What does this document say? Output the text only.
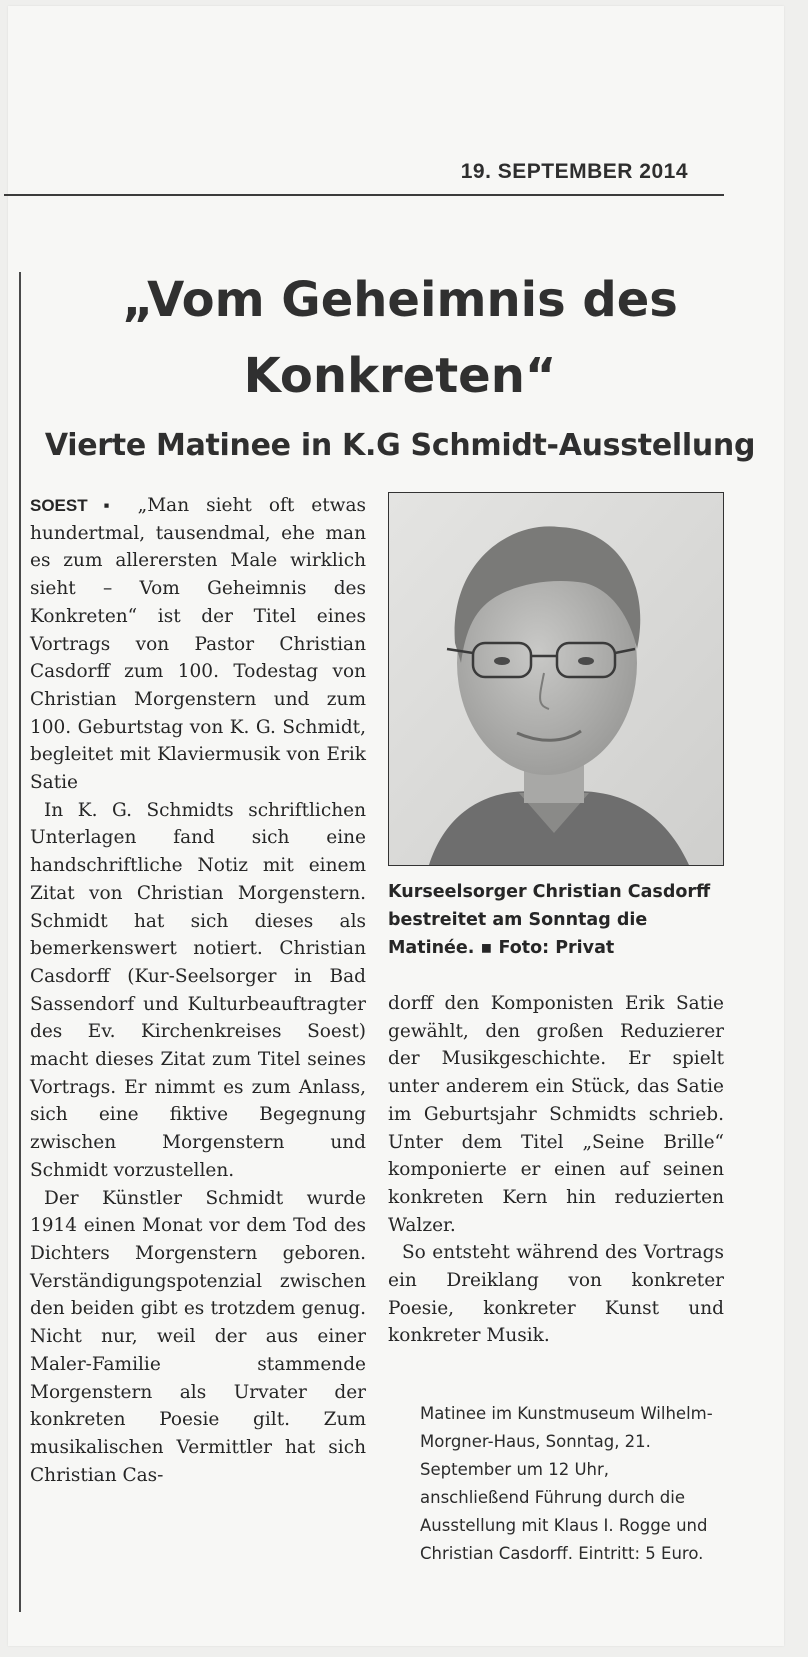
19. SEPTEMBER 2014
„Vom Geheimnis des Konkreten“
Vierte Matinee in K.G Schmidt-Ausstellung

SOEST ▪ „Man sieht oft etwas hundertmal, tausendmal, ehe man es zum allerersten Male wirklich sieht – Vom Geheimnis des Konkreten“ ist der Titel eines Vortrags von Pastor Christian Casdorff zum 100. Todestag von Christian Morgenstern und zum 100. Geburtstag von K. G. Schmidt, begleitet mit Klaviermusik von Erik Satie

In K. G. Schmidts schriftlichen Unterlagen fand sich eine handschriftliche Notiz mit einem Zitat von Christian Morgenstern. Schmidt hat sich dieses als bemerkenswert notiert. Christian Casdorff (Kur-Seelsorger in Bad Sassendorf und Kulturbeauftragter des Ev. Kirchenkreises Soest) macht dieses Zitat zum Titel seines Vortrags. Er nimmt es zum Anlass, sich eine fiktive Begegnung zwischen Morgenstern und Schmidt vorzustellen.

Der Künstler Schmidt wurde 1914 einen Monat vor dem Tod des Dichters Morgenstern geboren. Verständigungspotenzial zwischen den beiden gibt es trotzdem genug. Nicht nur, weil der aus einer Maler-Familie stammende Morgenstern als Urvater der konkreten Poesie gilt. Zum musikalischen Vermittler hat sich Christian Cas-

Kurseelsorger Christian Casdorff bestreitet am Sonntag die Matinée. ▪ Foto: Privat

dorff den Komponisten Erik Satie gewählt, den großen Reduzierer der Musikgeschichte. Er spielt unter anderem ein Stück, das Satie im Geburtsjahr Schmidts schrieb. Unter dem Titel „Seine Brille“ komponierte er einen auf seinen konkreten Kern hin reduzierten Walzer.

So entsteht während des Vortrags ein Dreiklang von konkreter Poesie, konkreter Kunst und konkreter Musik.

Matinee im Kunstmuseum Wilhelm-Morgner-Haus, Sonntag, 21. September um 12 Uhr, anschließend Führung durch die Ausstellung mit Klaus I. Rogge und Christian Casdorff. Eintritt: 5 Euro.
